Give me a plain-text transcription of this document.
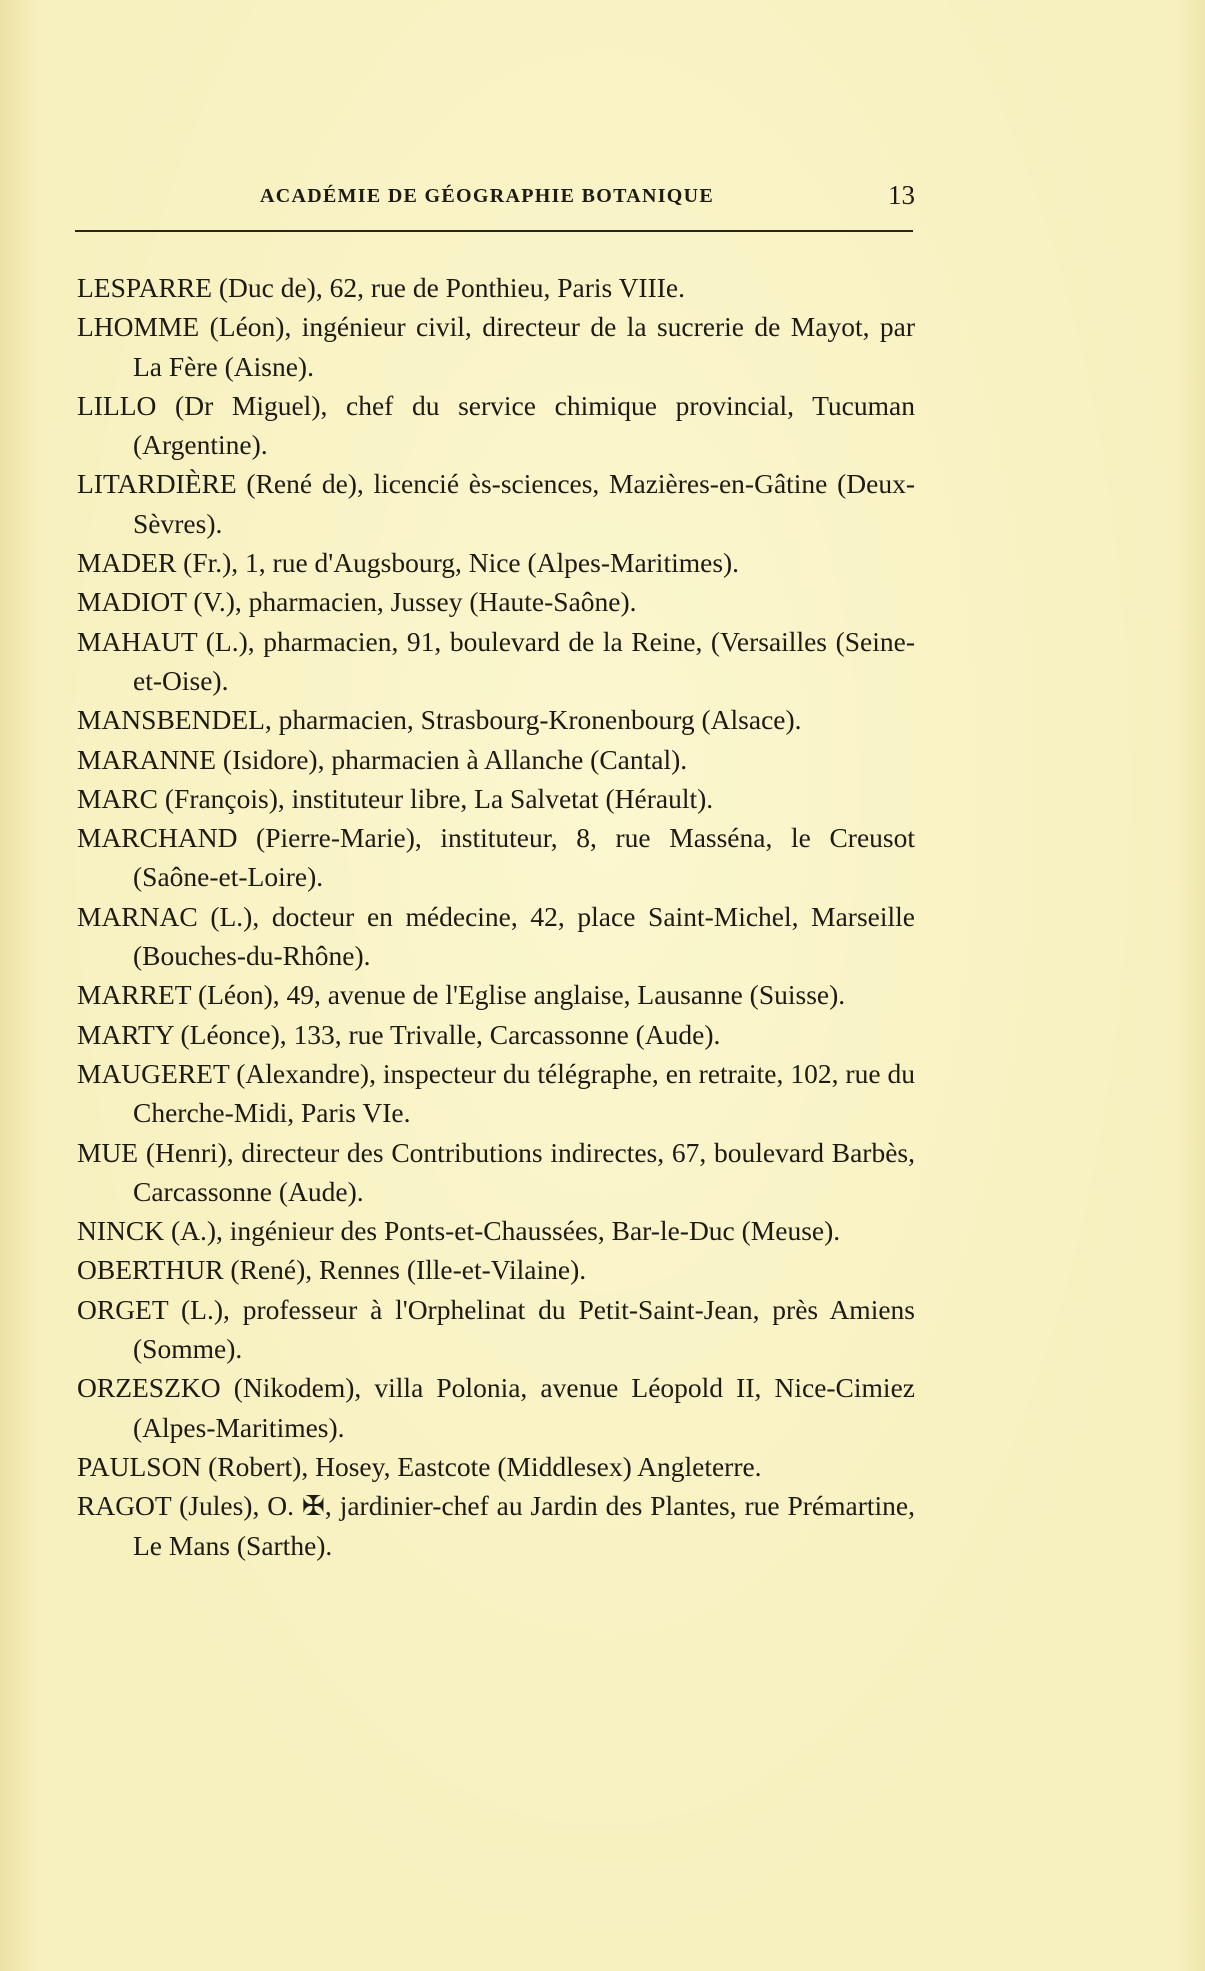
ACADÉMIE DE GÉOGRAPHIE BOTANIQUE	13

LESPARRE (Duc de), 62, rue de Ponthieu, Paris VIIIe.

LHOMME (Léon), ingénieur civil, directeur de la sucrerie de Mayot, par La Fère (Aisne).

LILLO (Dr Miguel), chef du service chimique provincial, Tucuman (Argentine).

LITARDIÈRE (René de), licencié ès-sciences, Mazières-en-Gâtine (Deux-Sèvres).

MADER (Fr.), 1, rue d'Augsbourg, Nice (Alpes-Maritimes).

MADIOT (V.), pharmacien, Jussey (Haute-Saône).

MAHAUT (L.), pharmacien, 91, boulevard de la Reine, (Versailles (Seine-et-Oise).

MANSBENDEL, pharmacien, Strasbourg-Kronenbourg (Alsace).

MARANNE (Isidore), pharmacien à Allanche (Cantal).

MARC (François), instituteur libre, La Salvetat (Hérault).

MARCHAND (Pierre-Marie), instituteur, 8, rue Masséna, le Creusot (Saône-et-Loire).

MARNAC (L.), docteur en médecine, 42, place Saint-Michel, Marseille (Bouches-du-Rhône).

MARRET (Léon), 49, avenue de l'Eglise anglaise, Lausanne (Suisse).

MARTY (Léonce), 133, rue Trivalle, Carcassonne (Aude).

MAUGERET (Alexandre), inspecteur du télégraphe, en retraite, 102, rue du Cherche-Midi, Paris VIe.

MUE (Henri), directeur des Contributions indirectes, 67, boulevard Barbès, Carcassonne (Aude).

NINCK (A.), ingénieur des Ponts-et-Chaussées, Bar-le-Duc (Meuse).

OBERTHUR (René), Rennes (Ille-et-Vilaine).

ORGET (L.), professeur à l'Orphelinat du Petit-Saint-Jean, près Amiens (Somme).

ORZESZKO (Nikodem), villa Polonia, avenue Léopold II, Nice-Cimiez (Alpes-Maritimes).

PAULSON (Robert), Hosey, Eastcote (Middlesex) Angleterre.

RAGOT (Jules), O. ✠, jardinier-chef au Jardin des Plantes, rue Prémartine, Le Mans (Sarthe).
